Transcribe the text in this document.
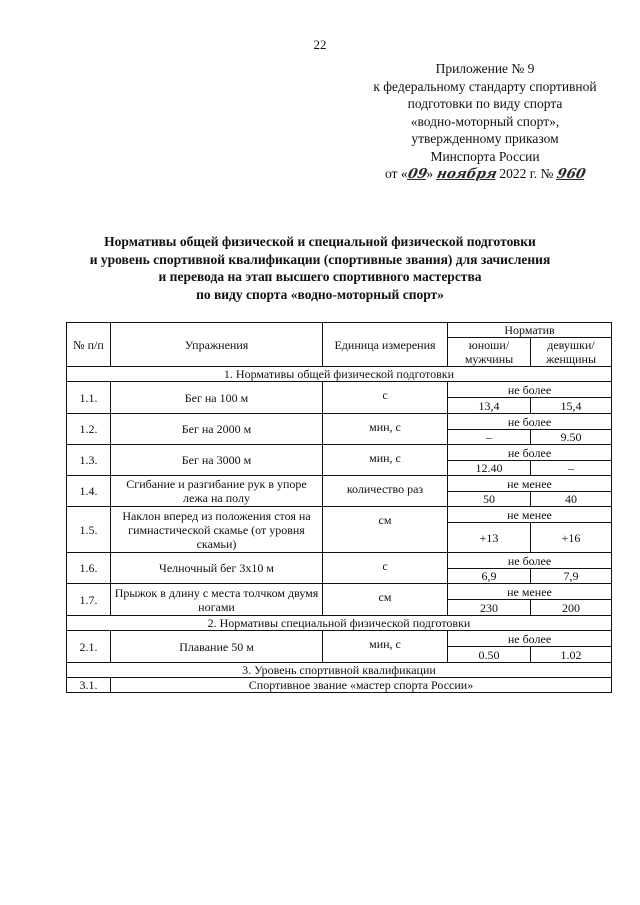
22
Приложение № 9
к федеральному стандарту спортивной
подготовки по виду спорта
«водно-моторный спорт»,
утвержденному приказом
Минспорта России
от «09» ноября 2022 г. № 960
Нормативы общей физической и специальной физической подготовки
и уровень спортивной квалификации (спортивные звания) для зачисления
и перевода на этап высшего спортивного мастерства
по виду спорта «водно-моторный спорт»
№ п/п	Упражнения	Единица измерения	Норматив	
			юноши/ мужчины	девушки/ женщины
1. Нормативы общей физической подготовки				
1.1.	Бег на 100 м	с	не более	
			13,4	15,4
1.2.	Бег на 2000 м	мин, с	не более	
			–	9.50
1.3.	Бег на 3000 м	мин, с	не более	
			12.40	–
1.4.	Сгибание и разгибание рук в упоре лежа на полу	количество раз	не менее	
			50	40
1.5.	Наклон вперед из положения стоя на гимнастической скамье (от уровня скамьи)	см	не менее	
			+13	+16
1.6.	Челночный бег 3х10 м	с	не более	
			6,9	7,9
1.7.	Прыжок в длину с места толчком двумя ногами	см	не менее	
			230	200
2. Нормативы специальной физической подготовки				
2.1.	Плавание 50 м	мин, с	не более	
			0.50	1.02
3. Уровень спортивной квалификации				
3.1.	Спортивное звание «мастер спорта России»			
